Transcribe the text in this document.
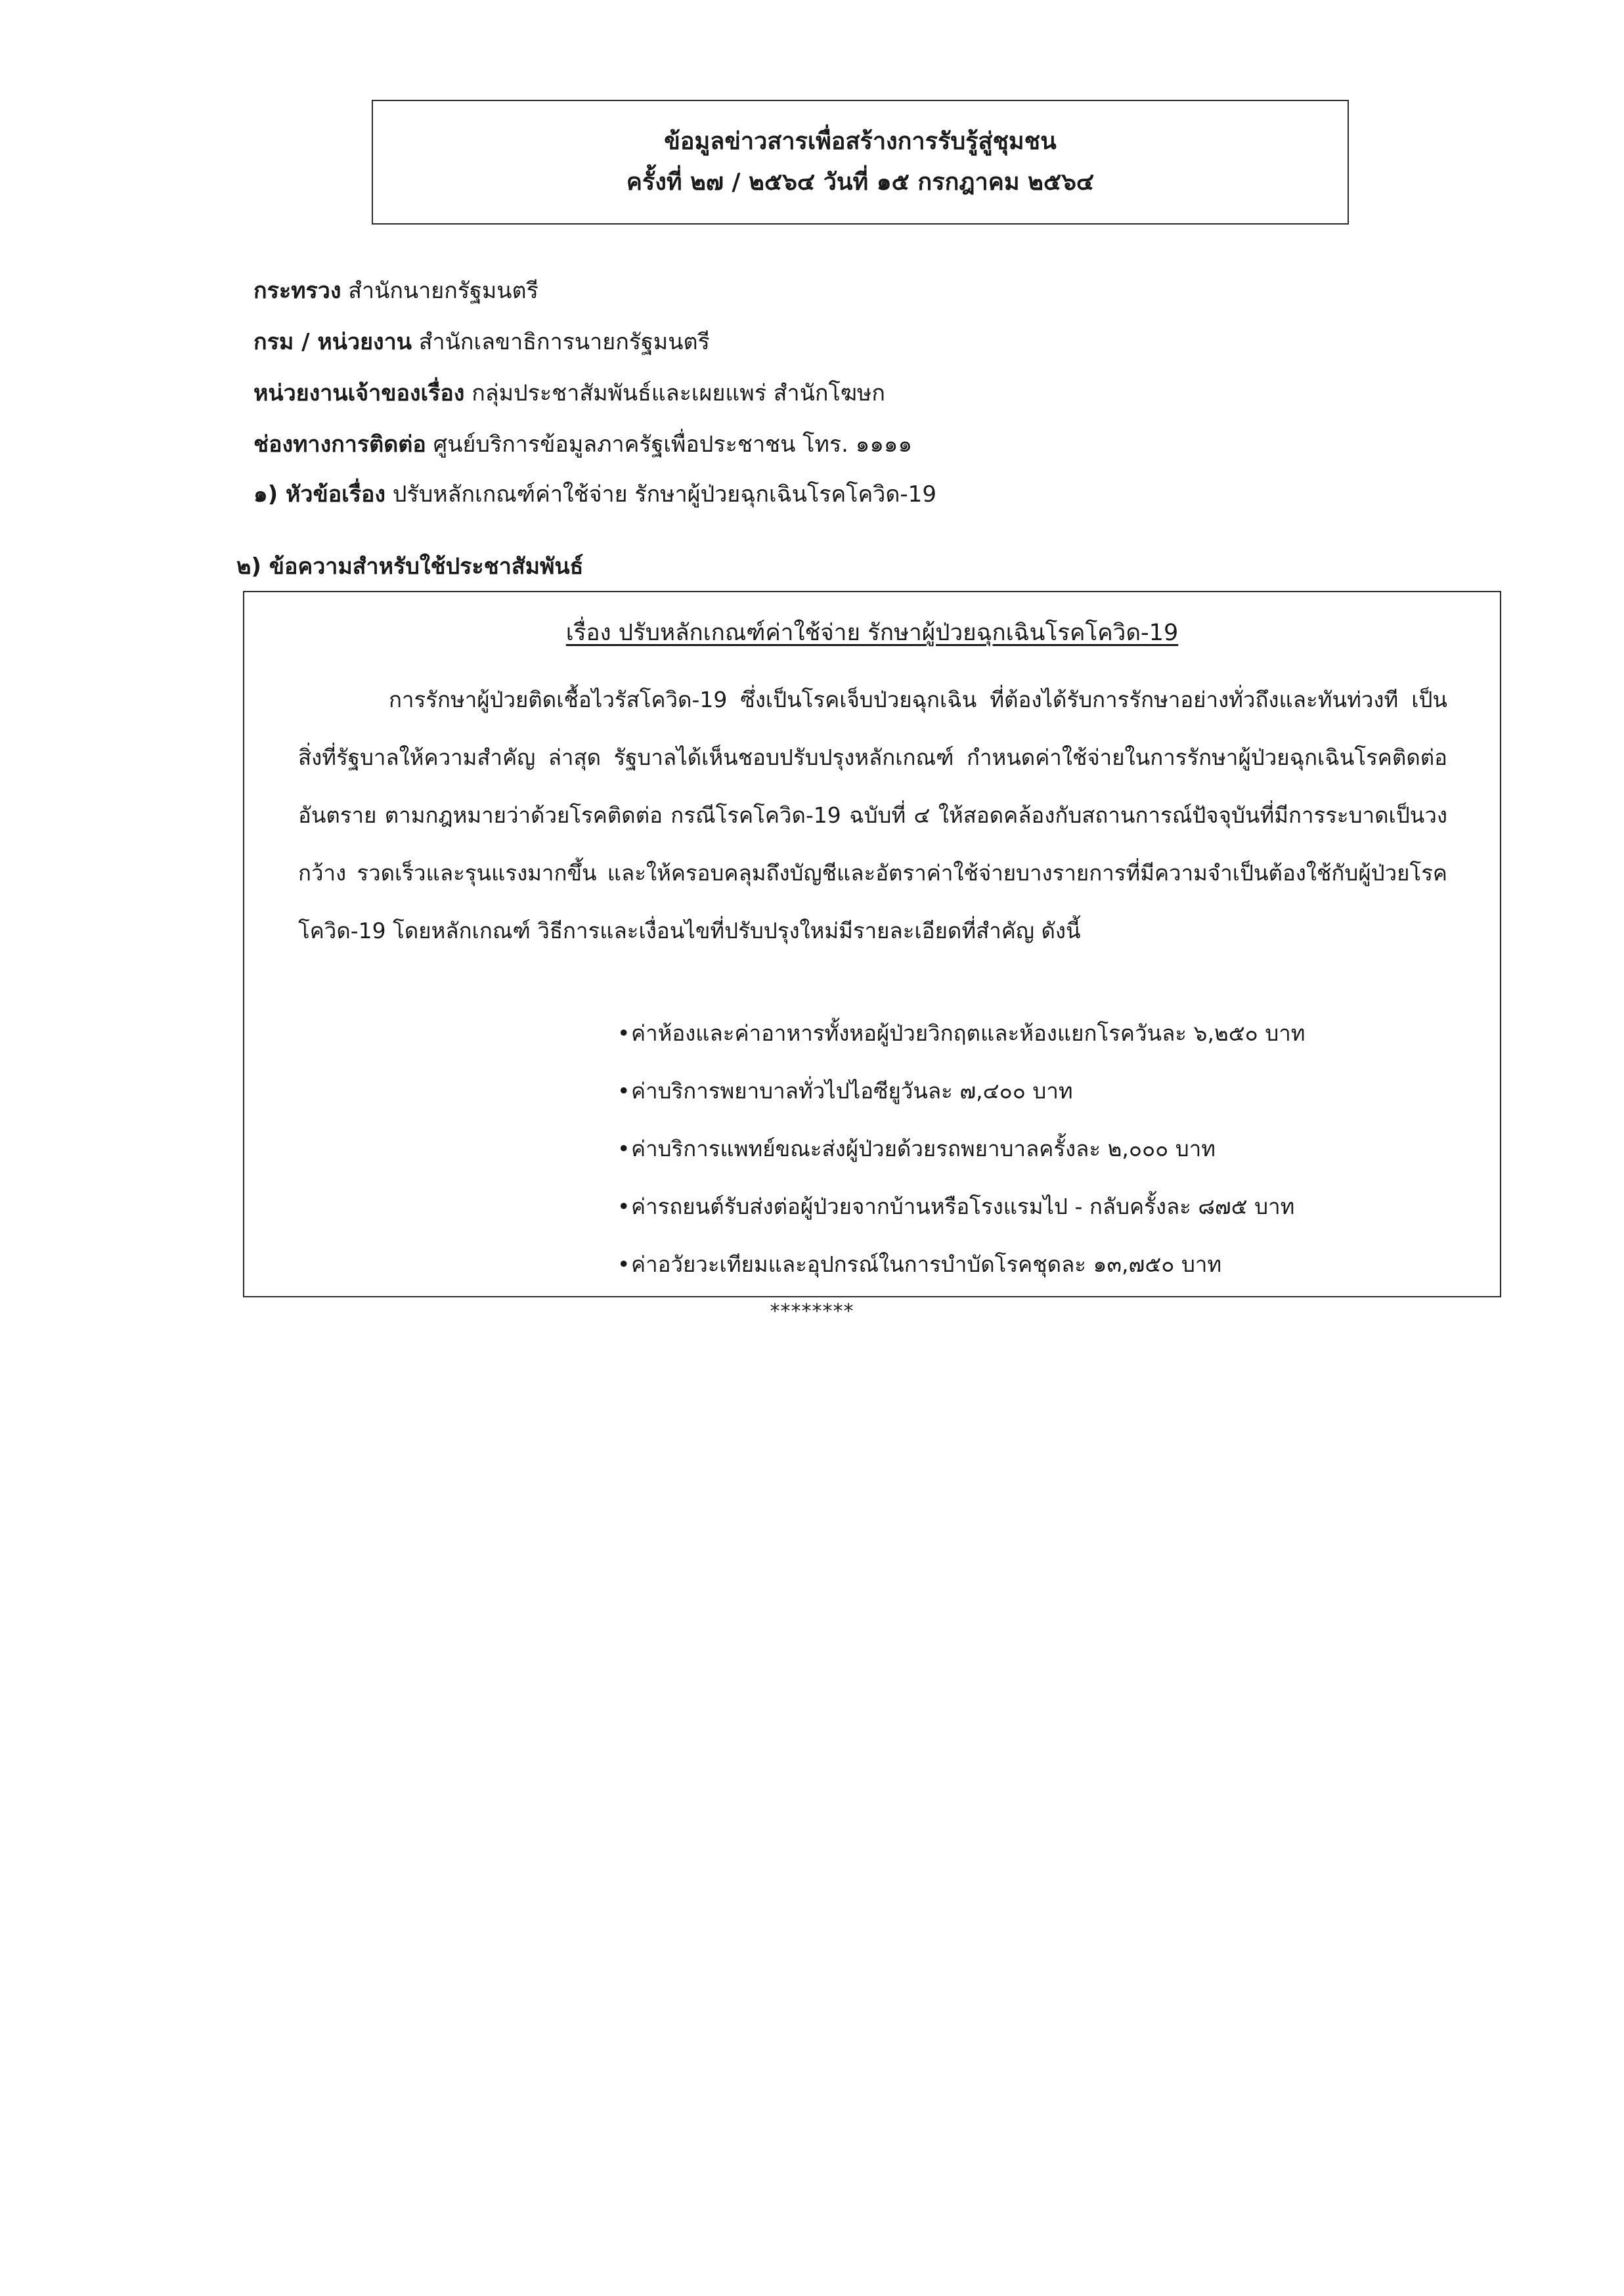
ข้อมูลข่าวสารเพื่อสร้างการรับรู้สู่ชุมชน
ครั้งที่ ๒๗ / ๒๕๖๔ วันที่ ๑๕ กรกฎาคม ๒๕๖๔
กระทรวง สำนักนายกรัฐมนตรี
กรม / หน่วยงาน สำนักเลขาธิการนายกรัฐมนตรี
หน่วยงานเจ้าของเรื่อง กลุ่มประชาสัมพันธ์และเผยแพร่ สำนักโฆษก
ช่องทางการติดต่อ ศูนย์บริการข้อมูลภาครัฐเพื่อประชาชน โทร. ๑๑๑๑
๑) หัวข้อเรื่อง ปรับหลักเกณฑ์ค่าใช้จ่าย รักษาผู้ป่วยฉุกเฉินโรคโควิด-19
๒) ข้อความสำหรับใช้ประชาสัมพันธ์
เรื่อง ปรับหลักเกณฑ์ค่าใช้จ่าย รักษาผู้ป่วยฉุกเฉินโรคโควิด-19
การรักษาผู้ป่วยติดเชื้อไวรัสโควิด-19 ซึ่งเป็นโรคเจ็บป่วยฉุกเฉิน ที่ต้องได้รับการรักษาอย่างทั่วถึงและทันท่วงที เป็นสิ่งที่รัฐบาลให้ความสำคัญ ล่าสุด รัฐบาลได้เห็นชอบปรับปรุงหลักเกณฑ์ กำหนดค่าใช้จ่ายในการรักษาผู้ป่วยฉุกเฉินโรคติดต่ออันตราย ตามกฎหมายว่าด้วยโรคติดต่อ กรณีโรคโควิด-19 ฉบับที่ ๔ ให้สอดคล้องกับสถานการณ์ปัจจุบันที่มีการระบาดเป็นวงกว้าง รวดเร็วและรุนแรงมากขึ้น และให้ครอบคลุมถึงบัญชีและอัตราค่าใช้จ่ายบางรายการที่มีความจำเป็นต้องใช้กับผู้ป่วยโรคโควิด-19 โดยหลักเกณฑ์ วิธีการและเงื่อนไขที่ปรับปรุงใหม่มีรายละเอียดที่สำคัญ ดังนี้
• ค่าห้องและค่าอาหารทั้งหอผู้ป่วยวิกฤตและห้องแยกโรควันละ ๖,๒๕๐ บาท
• ค่าบริการพยาบาลทั่วไปไอซียูวันละ ๗,๔๐๐ บาท
• ค่าบริการแพทย์ขณะส่งผู้ป่วยด้วยรถพยาบาลครั้งละ ๒,๐๐๐ บาท
• ค่ารถยนต์รับส่งต่อผู้ป่วยจากบ้านหรือโรงแรมไป - กลับครั้งละ ๘๗๕ บาท
• ค่าอวัยวะเทียมและอุปกรณ์ในการบำบัดโรคชุดละ ๑๓,๗๕๐ บาท
********
